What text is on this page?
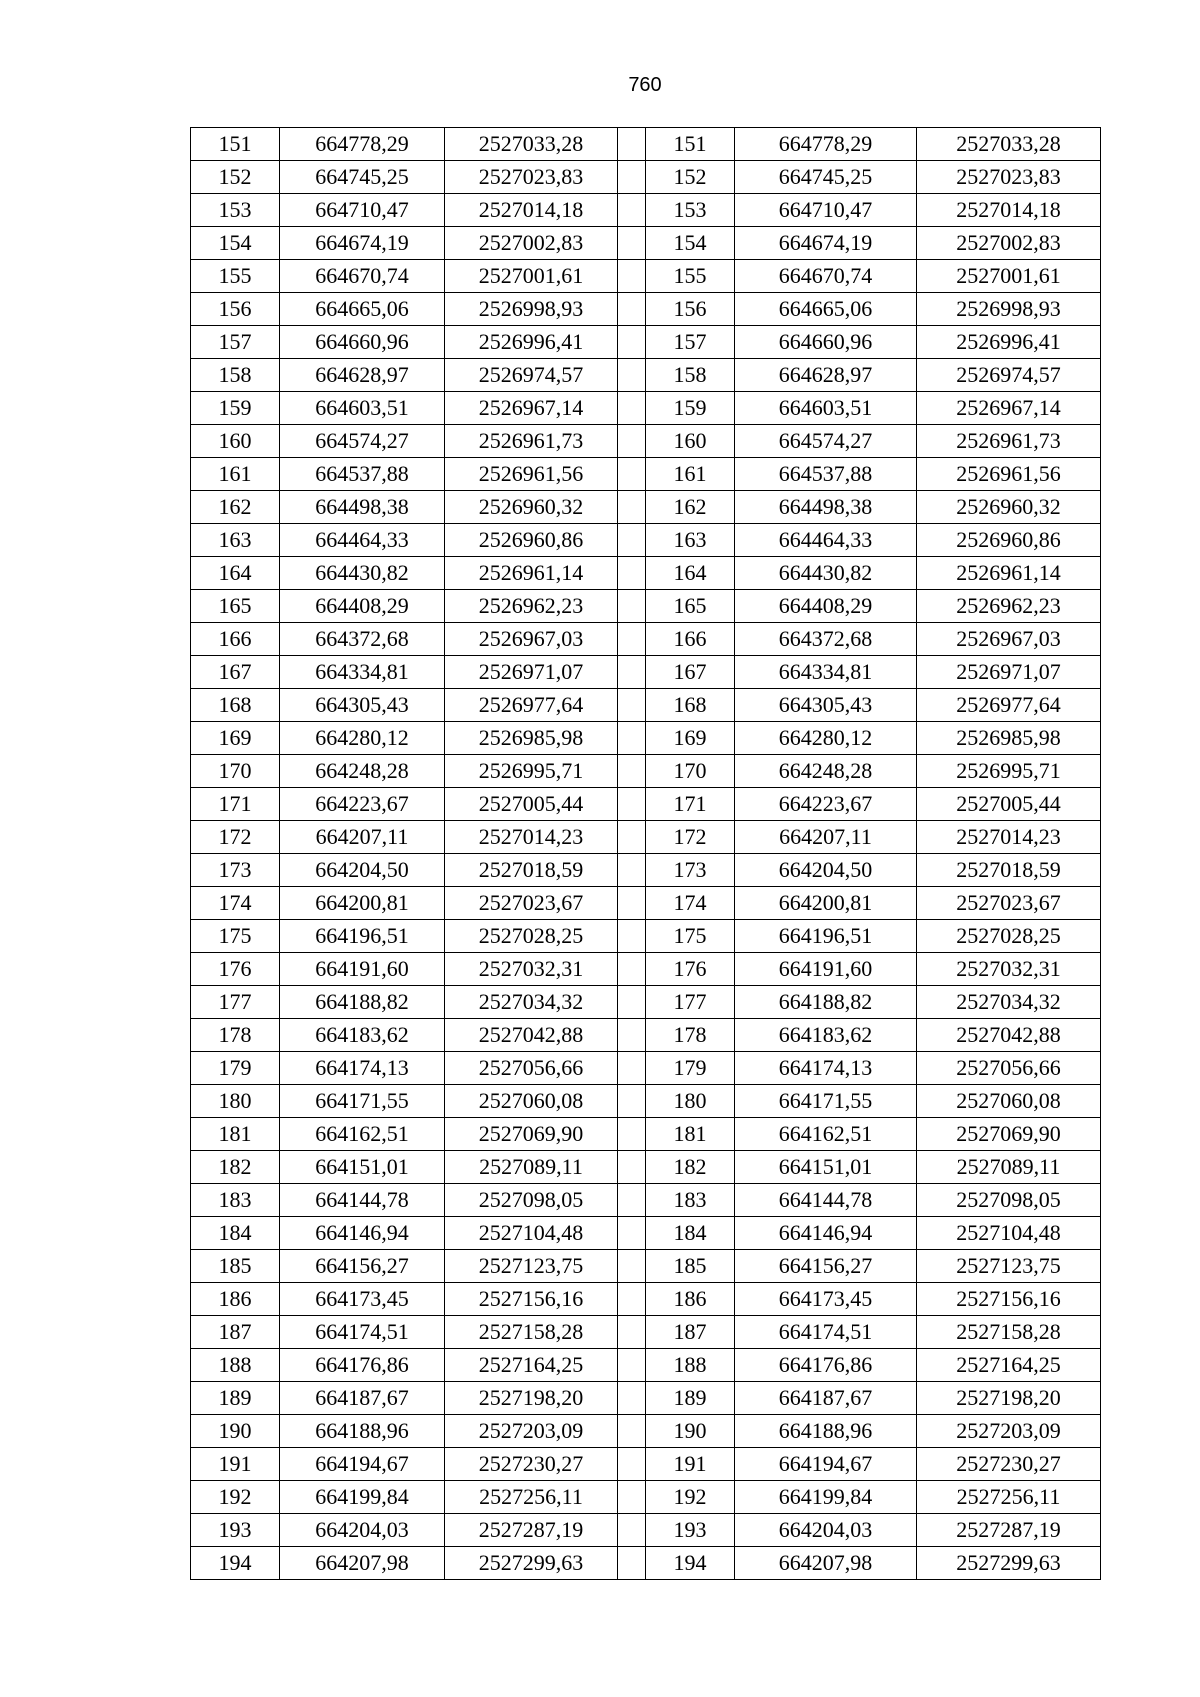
760
151	664778,29	2527033,28		151	664778,29	2527033,28
152	664745,25	2527023,83		152	664745,25	2527023,83
153	664710,47	2527014,18		153	664710,47	2527014,18
154	664674,19	2527002,83		154	664674,19	2527002,83
155	664670,74	2527001,61		155	664670,74	2527001,61
156	664665,06	2526998,93		156	664665,06	2526998,93
157	664660,96	2526996,41		157	664660,96	2526996,41
158	664628,97	2526974,57		158	664628,97	2526974,57
159	664603,51	2526967,14		159	664603,51	2526967,14
160	664574,27	2526961,73		160	664574,27	2526961,73
161	664537,88	2526961,56		161	664537,88	2526961,56
162	664498,38	2526960,32		162	664498,38	2526960,32
163	664464,33	2526960,86		163	664464,33	2526960,86
164	664430,82	2526961,14		164	664430,82	2526961,14
165	664408,29	2526962,23		165	664408,29	2526962,23
166	664372,68	2526967,03		166	664372,68	2526967,03
167	664334,81	2526971,07		167	664334,81	2526971,07
168	664305,43	2526977,64		168	664305,43	2526977,64
169	664280,12	2526985,98		169	664280,12	2526985,98
170	664248,28	2526995,71		170	664248,28	2526995,71
171	664223,67	2527005,44		171	664223,67	2527005,44
172	664207,11	2527014,23		172	664207,11	2527014,23
173	664204,50	2527018,59		173	664204,50	2527018,59
174	664200,81	2527023,67		174	664200,81	2527023,67
175	664196,51	2527028,25		175	664196,51	2527028,25
176	664191,60	2527032,31		176	664191,60	2527032,31
177	664188,82	2527034,32		177	664188,82	2527034,32
178	664183,62	2527042,88		178	664183,62	2527042,88
179	664174,13	2527056,66		179	664174,13	2527056,66
180	664171,55	2527060,08		180	664171,55	2527060,08
181	664162,51	2527069,90		181	664162,51	2527069,90
182	664151,01	2527089,11		182	664151,01	2527089,11
183	664144,78	2527098,05		183	664144,78	2527098,05
184	664146,94	2527104,48		184	664146,94	2527104,48
185	664156,27	2527123,75		185	664156,27	2527123,75
186	664173,45	2527156,16		186	664173,45	2527156,16
187	664174,51	2527158,28		187	664174,51	2527158,28
188	664176,86	2527164,25		188	664176,86	2527164,25
189	664187,67	2527198,20		189	664187,67	2527198,20
190	664188,96	2527203,09		190	664188,96	2527203,09
191	664194,67	2527230,27		191	664194,67	2527230,27
192	664199,84	2527256,11		192	664199,84	2527256,11
193	664204,03	2527287,19		193	664204,03	2527287,19
194	664207,98	2527299,63		194	664207,98	2527299,63
